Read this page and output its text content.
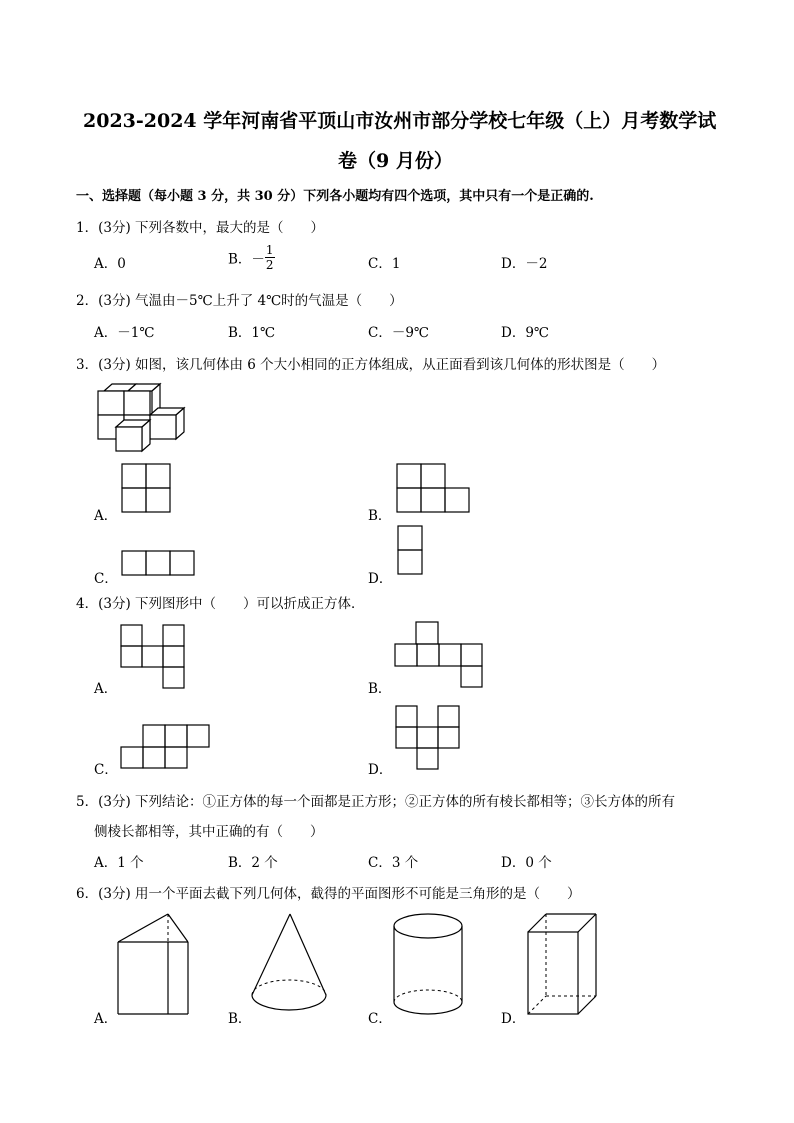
2023-2024 学年河南省平顶山市汝州市部分学校七年级（上）月考数学试
卷（9 月份）
一、选择题（每小题 3 分，共 30 分）下列各小题均有四个选项，其中只有一个是正确的.
1．(3分) 下列各数中，最大的是（　　）
A．0	B．－ $\frac{1}{2}$	C．1	D．－2
2．(3分) 气温由－5℃上升了 4℃时的气温是（　　）
A．－1℃	B．1℃	C．－9℃	D．9℃
3．(3分) 如图，该几何体由 6 个大小相同的正方体组成，从正面看到该几何体的形状图是（　　）
A．	B．
C．	D．
4．(3分) 下列图形中（　　）可以折成正方体．
A．	B．
C．	D．
5．(3分) 下列结论：①正方体的每一个面都是正方形；②正方体的所有棱长都相等；③长方体的所有
侧棱长都相等，其中正确的有（　　）
A．1 个	B．2 个	C．3 个	D．0 个
6．(3分) 用一个平面去截下列几何体，截得的平面图形不可能是三角形的是（　　）
A．	B．	C．	D．
